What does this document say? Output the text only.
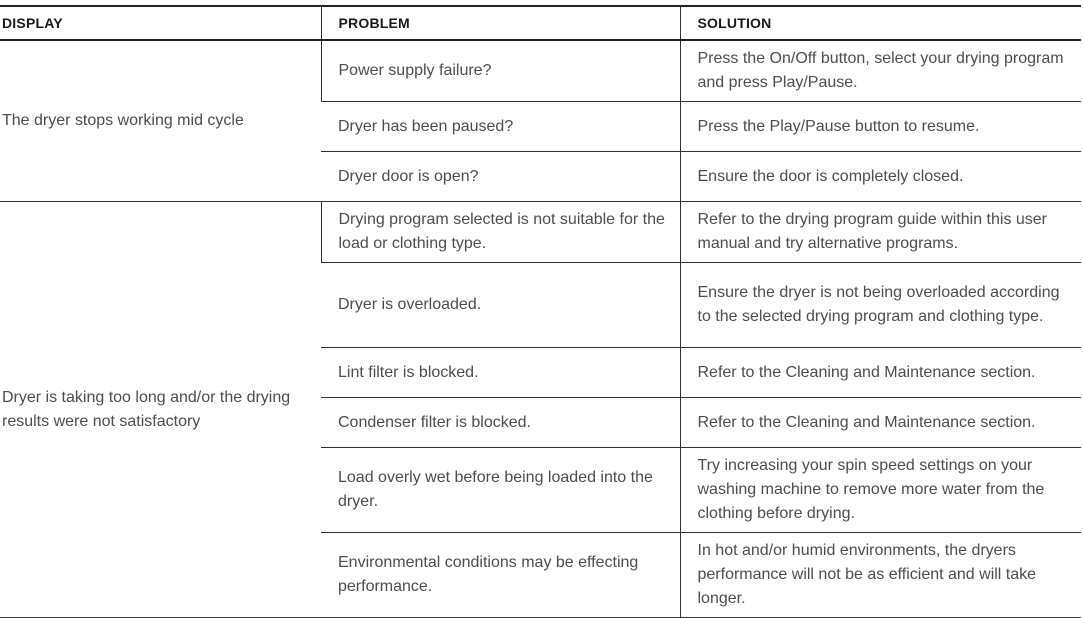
DISPLAY	PROBLEM	SOLUTION
The dryer stops working mid cycle	Power supply failure?	Press the On/Off button, select your drying program and press Play/Pause.
	Dryer has been paused?	Press the Play/Pause button to resume.
	Dryer door is open?	Ensure the door is completely closed.
Dryer is taking too long and/or the drying results were not satisfactory	Drying program selected is not suitable for the load or clothing type.	Refer to the drying program guide within this user manual and try alternative programs.
	Dryer is overloaded.	Ensure the dryer is not being overloaded according to the selected drying program and clothing type.
	Lint filter is blocked.	Refer to the Cleaning and Maintenance section.
	Condenser filter is blocked.	Refer to the Cleaning and Maintenance section.
	Load overly wet before being loaded into the dryer.	Try increasing your spin speed settings on your washing machine to remove more water from the clothing before drying.
	Environmental conditions may be effecting performance.	In hot and/or humid environments, the dryers performance will not be as efficient and will take longer.
